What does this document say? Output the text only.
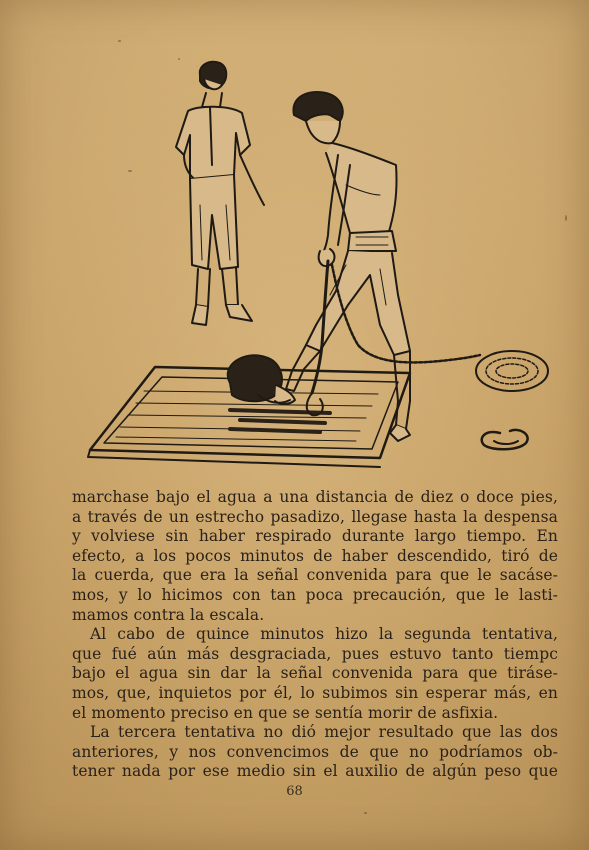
marchase bajo el agua a una distancia de diez o doce pies,
a través de un estrecho pasadizo, llegase hasta la despensa
y volviese sin haber respirado durante largo tiempo. En
efecto, a los pocos minutos de haber descendido, tiró de
la cuerda, que era la señal convenida para que le sacáse-
mos, y lo hicimos con tan poca precaución, que le lasti-
mamos contra la escala.
Al cabo de quince minutos hizo la segunda tentativa,
que fué aún más desgraciada, pues estuvo tanto tiempc
bajo el agua sin dar la señal convenida para que tiráse-
mos, que, inquietos por él, lo subimos sin esperar más, en
el momento preciso en que se sentía morir de asfixia.
La tercera tentativa no dió mejor resultado que las dos
anteriores, y nos convencimos de que no podríamos ob-
tener nada por ese medio sin el auxilio de algún peso que
68
